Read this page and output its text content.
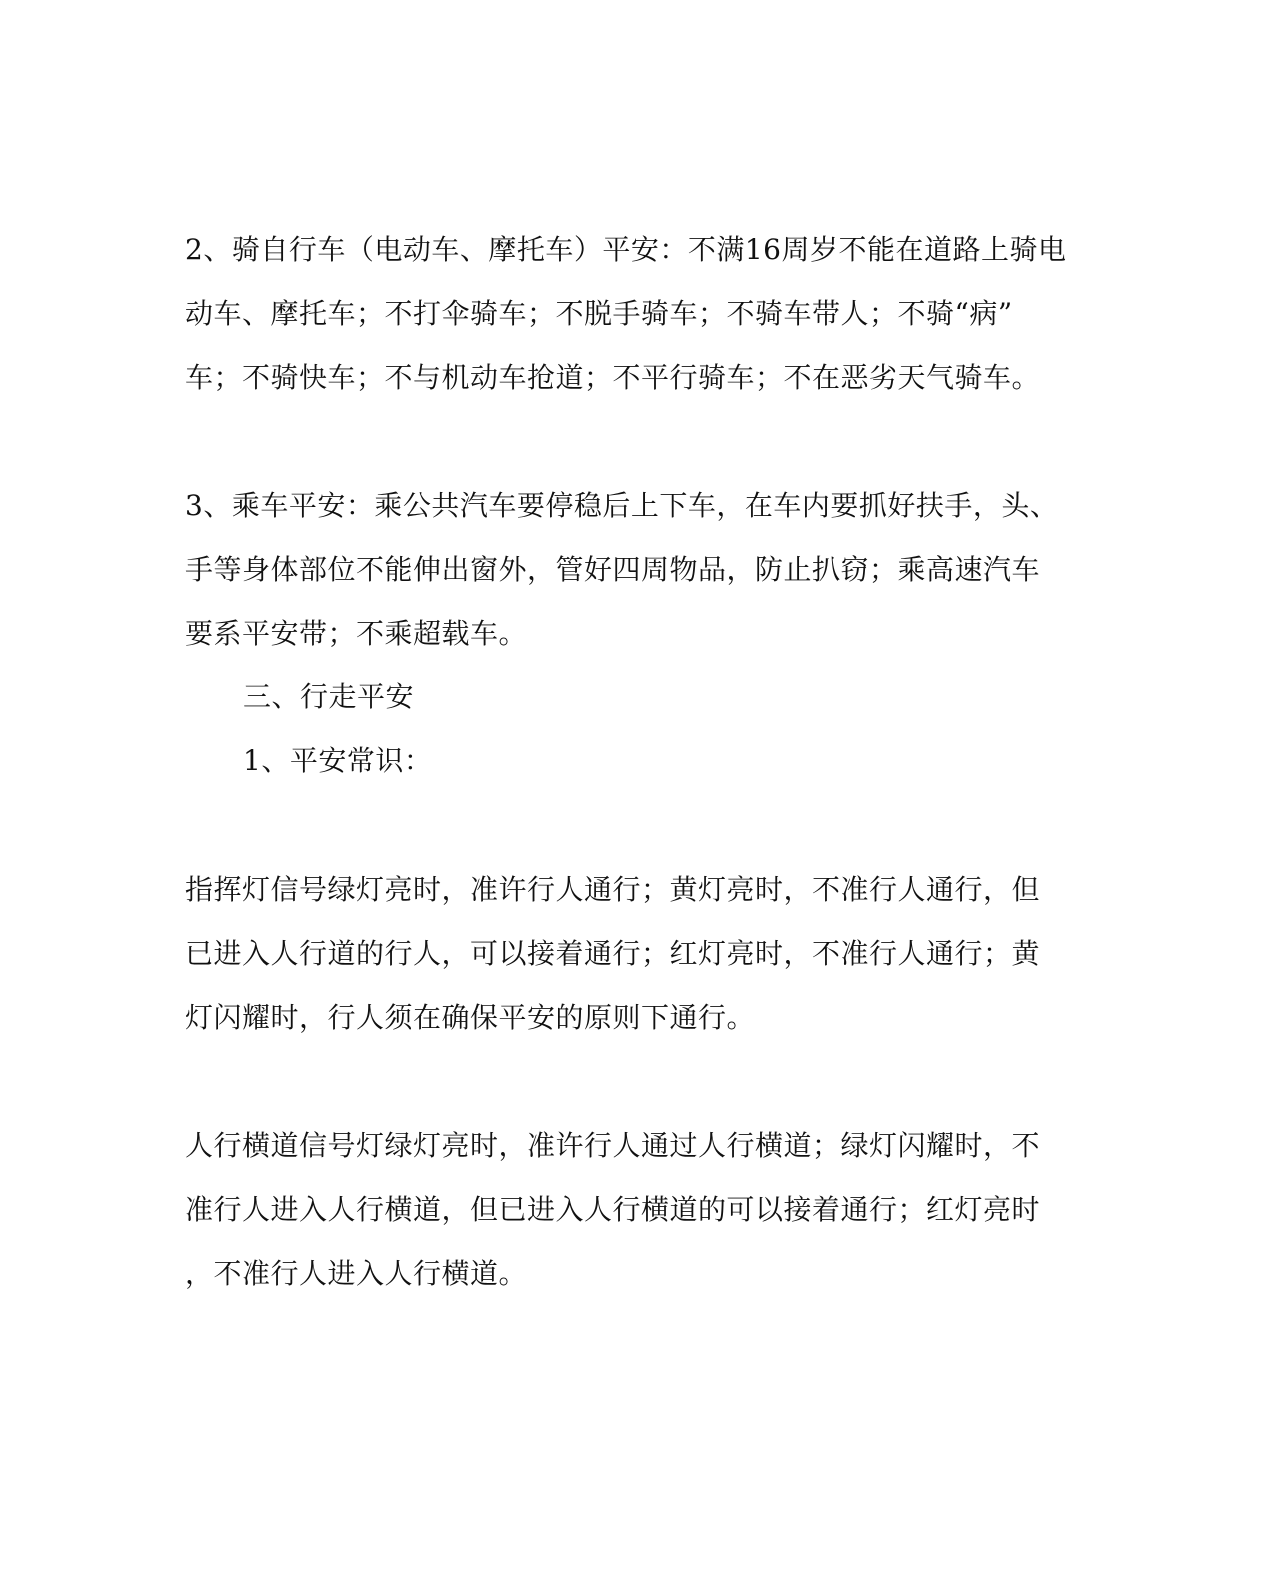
2、骑自行车（电动车、摩托车）平安：不满16周岁不能在道路上骑电
动车、摩托车；不打伞骑车；不脱手骑车；不骑车带人；不骑“病”
车；不骑快车；不与机动车抢道；不平行骑车；不在恶劣天气骑车。
3、乘车平安：乘公共汽车要停稳后上下车，在车内要抓好扶手，头、
手等身体部位不能伸出窗外，管好四周物品，防止扒窃；乘高速汽车
要系平安带；不乘超载车。
三、行走平安
1、平安常识：
指挥灯信号绿灯亮时，准许行人通行；黄灯亮时，不准行人通行，但
已进入人行道的行人，可以接着通行；红灯亮时，不准行人通行；黄
灯闪耀时，行人须在确保平安的原则下通行。
人行横道信号灯绿灯亮时，准许行人通过人行横道；绿灯闪耀时，不
准行人进入人行横道，但已进入人行横道的可以接着通行；红灯亮时
，不准行人进入人行横道。
